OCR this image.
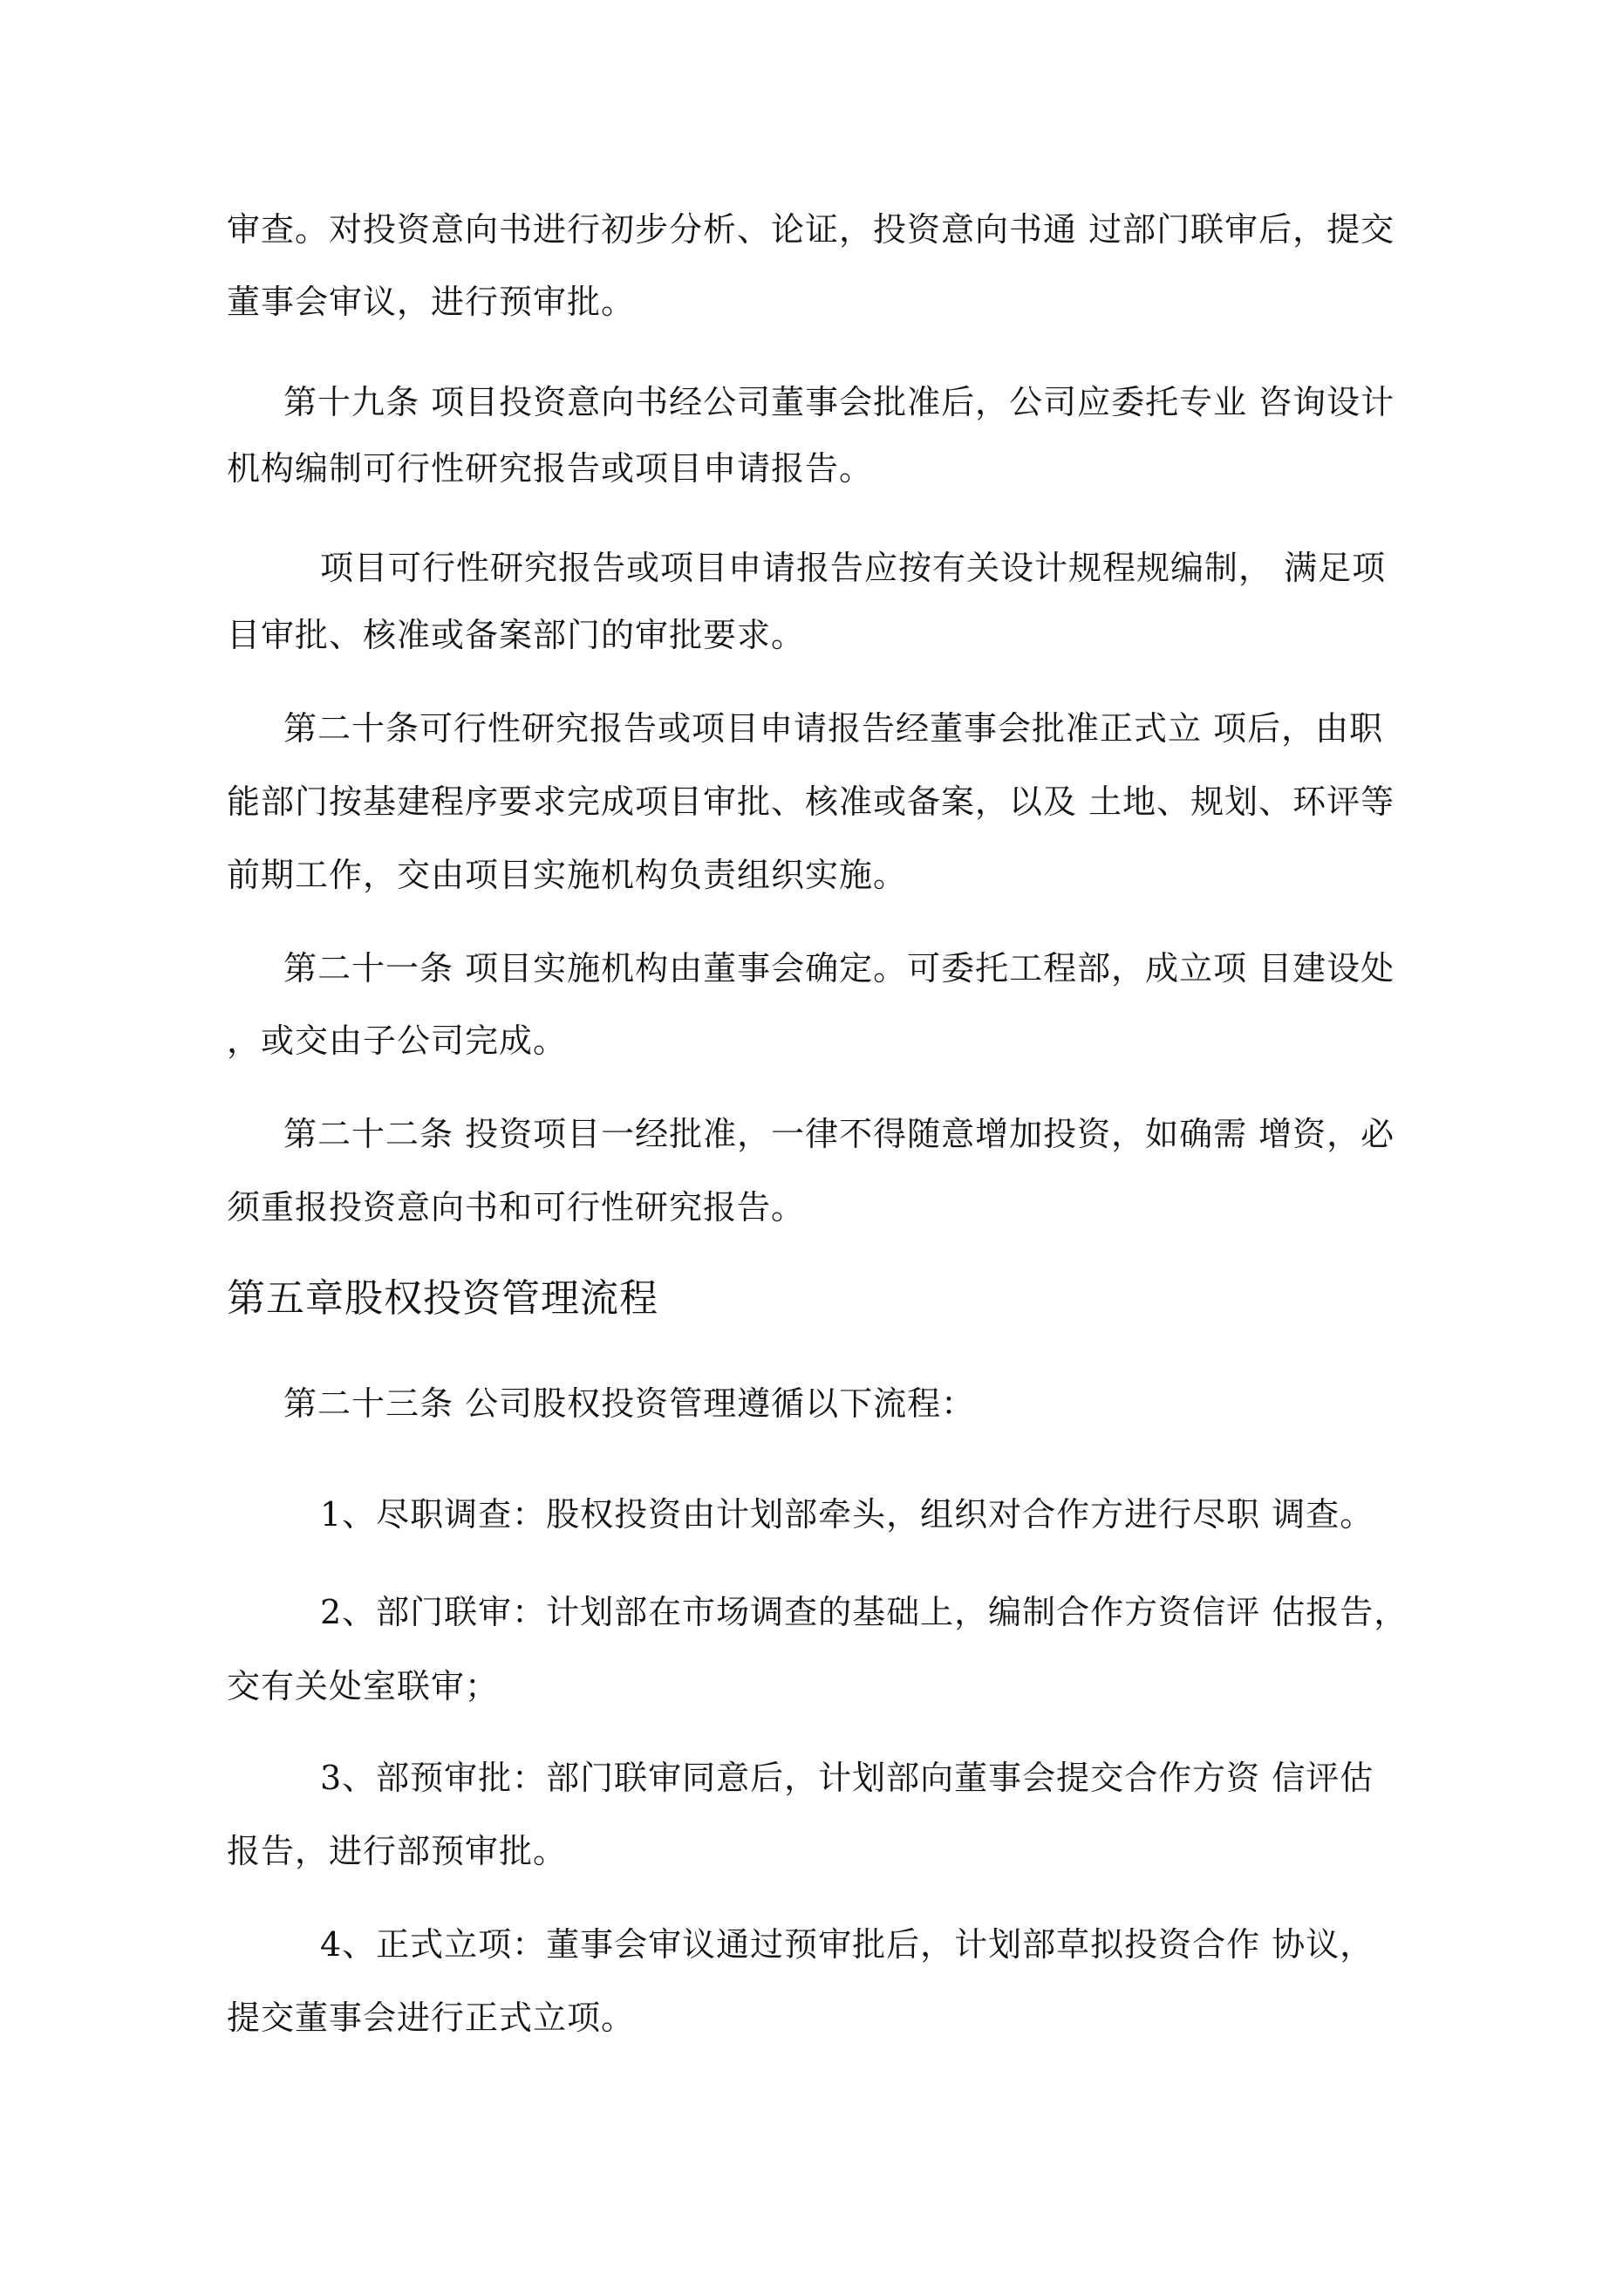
审查。对投资意向书进行初步分析、论证，投资意向书通 过部门联审后，提交
董事会审议，进行预审批。
第十九条 项目投资意向书经公司董事会批准后，公司应委托专业 咨询设计
机构编制可行性研究报告或项目申请报告。
项目可行性研究报告或项目申请报告应按有关设计规程规编制， 满足项
目审批、核准或备案部门的审批要求。
第二十条可行性研究报告或项目申请报告经董事会批准正式立 项后，由职
能部门按基建程序要求完成项目审批、核准或备案，以及 土地、规划、环评等
前期工作，交由项目实施机构负责组织实施。
第二十一条 项目实施机构由董事会确定。可委托工程部，成立项 目建设处
，或交由子公司完成。
第二十二条 投资项目一经批准，一律不得随意增加投资，如确需 增资，必
须重报投资意向书和可行性研究报告。
第五章股权投资管理流程
第二十三条 公司股权投资管理遵循以下流程：
1、尽职调查：股权投资由计划部牵头，组织对合作方进行尽职 调查。
2、部门联审：计划部在市场调查的基础上，编制合作方资信评 估报告，
交有关处室联审；
3、部预审批：部门联审同意后，计划部向董事会提交合作方资 信评估
报告，进行部预审批。
4、正式立项：董事会审议通过预审批后，计划部草拟投资合作 协议，
提交董事会进行正式立项。
